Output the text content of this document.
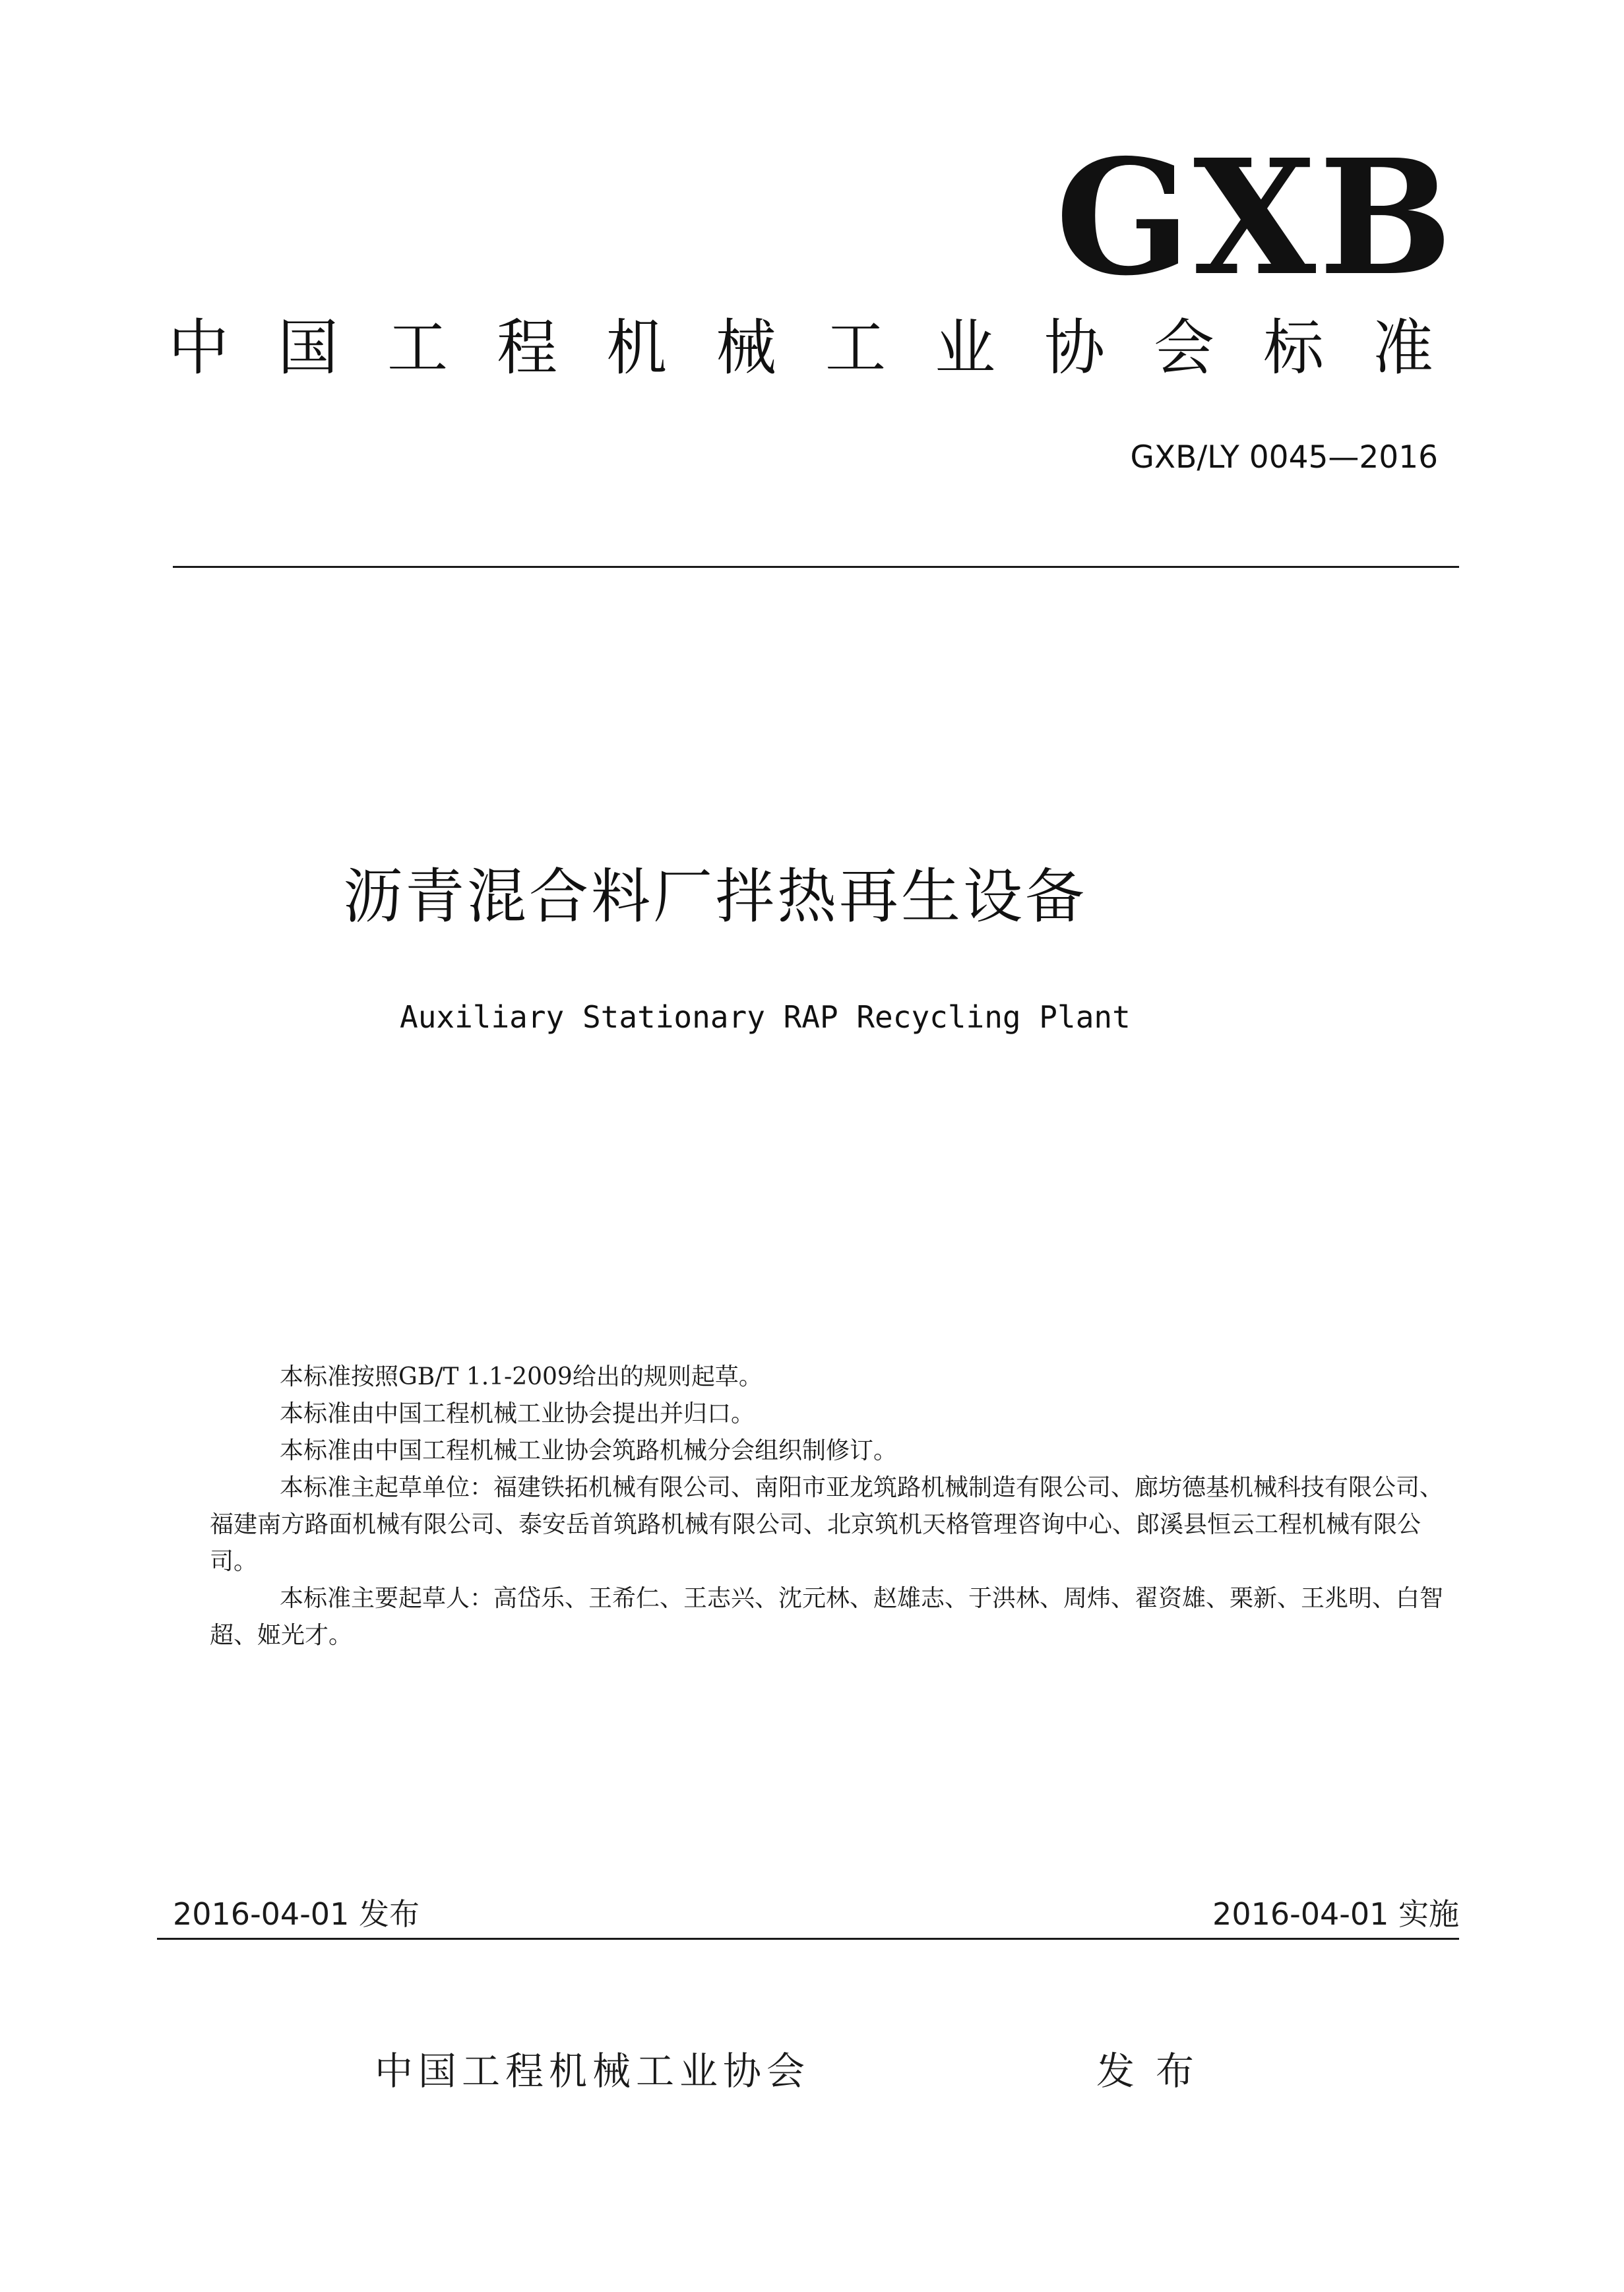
GXB
中国工程机械工业协会标准
GXB/LY 0045—2016
沥青混合料厂拌热再生设备
Auxiliary Stationary RAP Recycling Plant

本标准按照GB/T 1.1-2009给出的规则起草。

本标准由中国工程机械工业协会提出并归口。

本标准由中国工程机械工业协会筑路机械分会组织制修订。

本标准主起草单位：福建铁拓机械有限公司、南阳市亚龙筑路机械制造有限公司、廊坊德基机械科技有限公司、福建南方路面机械有限公司、泰安岳首筑路机械有限公司、北京筑机天格管理咨询中心、郎溪县恒云工程机械有限公司。

本标准主要起草人：高岱乐、王希仁、王志兴、沈元林、赵雄志、于洪林、周炜、翟资雄、栗新、王兆明、白智超、姬光才。

2016-04-01 发布	2016-04-01 实施
中国工程机械工业协会	发布
